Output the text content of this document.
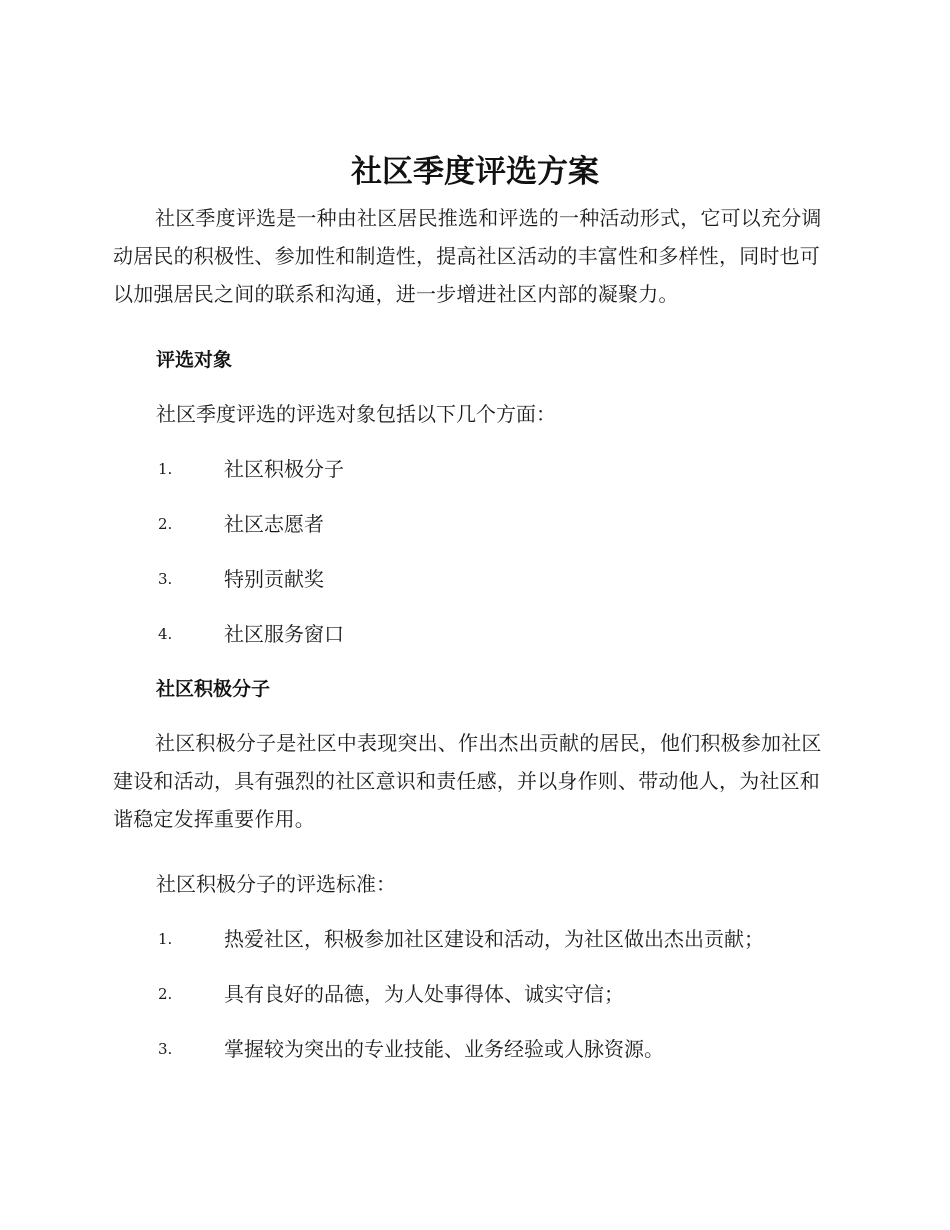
社区季度评选方案
社区季度评选是一种由社区居民推选和评选的一种活动形式，它可以充分调动居民的积极性、参加性和制造性，提高社区活动的丰富性和多样性，同时也可以加强居民之间的联系和沟通，进一步增进社区内部的凝聚力。
评选对象
社区季度评选的评选对象包括以下几个方面：
1.	社区积极分子
2.	社区志愿者
3.	特别贡献奖
4.	社区服务窗口
社区积极分子
社区积极分子是社区中表现突出、作出杰出贡献的居民，他们积极参加社区建设和活动，具有强烈的社区意识和责任感，并以身作则、带动他人，为社区和谐稳定发挥重要作用。
社区积极分子的评选标准：
1.	热爱社区，积极参加社区建设和活动，为社区做出杰出贡献；
2.	具有良好的品德，为人处事得体、诚实守信；
3.	掌握较为突出的专业技能、业务经验或人脉资源。
